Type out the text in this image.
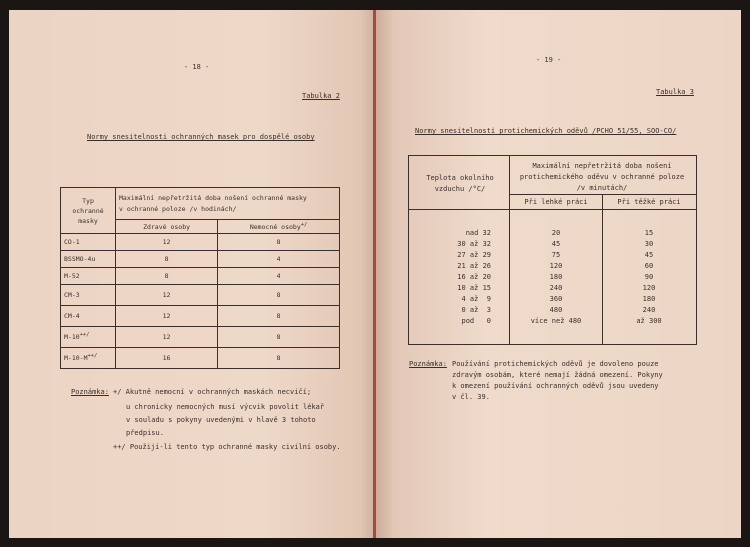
- 18 -
Tabulka 2
Normy snesitelnosti ochranných masek pro dospělé osoby
Typ
ochranné
masky	Maximální nepřetržitá doba nošení ochranné masky
v ochranné poloze /v hodinách/	
	Zdravé osoby	Nemocné osoby+/
CO-1	12	8
BSSMO-4u	8	4
M-52	8	4
CM-3	12	8
CM-4	12	8
M-10++/	12	8
M-10-M++/	16	8
Poznámka: +/ Akutně nemocní v ochranných maskách necvičí;
u chronicky nemocných musí výcvik povolit lékař
v souladu s pokyny uvedenými v hlavě 3 tohoto
předpisu.
++/ Použijí-li tento typ ochranné masky civilní osoby.
- 19 -
Tabulka 3
Normy snesitelnosti protichemických oděvů /PCHO 51/55, SOO-CO/
Teplota okolního
vzduchu /°C/
Maximální nepřetržitá doba nošení
protichemického oděvu v ochranné poloze
/v minutách/
Při lehké práci	Při těžké práci
nad 32	20	15
30 až 32	45	30
27 až 29	75	45
21 až 26	120	60
16 až 20	180	90
10 až 15	240	120
4 až  9	360	180
0 až  3	480	240
pod   0	více než 480	až 300
Poznámka: Používání protichemických oděvů je dovoleno pouze
zdravým osobám, které nemají žádná omezení. Pokyny
k omezení používání ochranných oděvů jsou uvedeny
v čl. 39.
